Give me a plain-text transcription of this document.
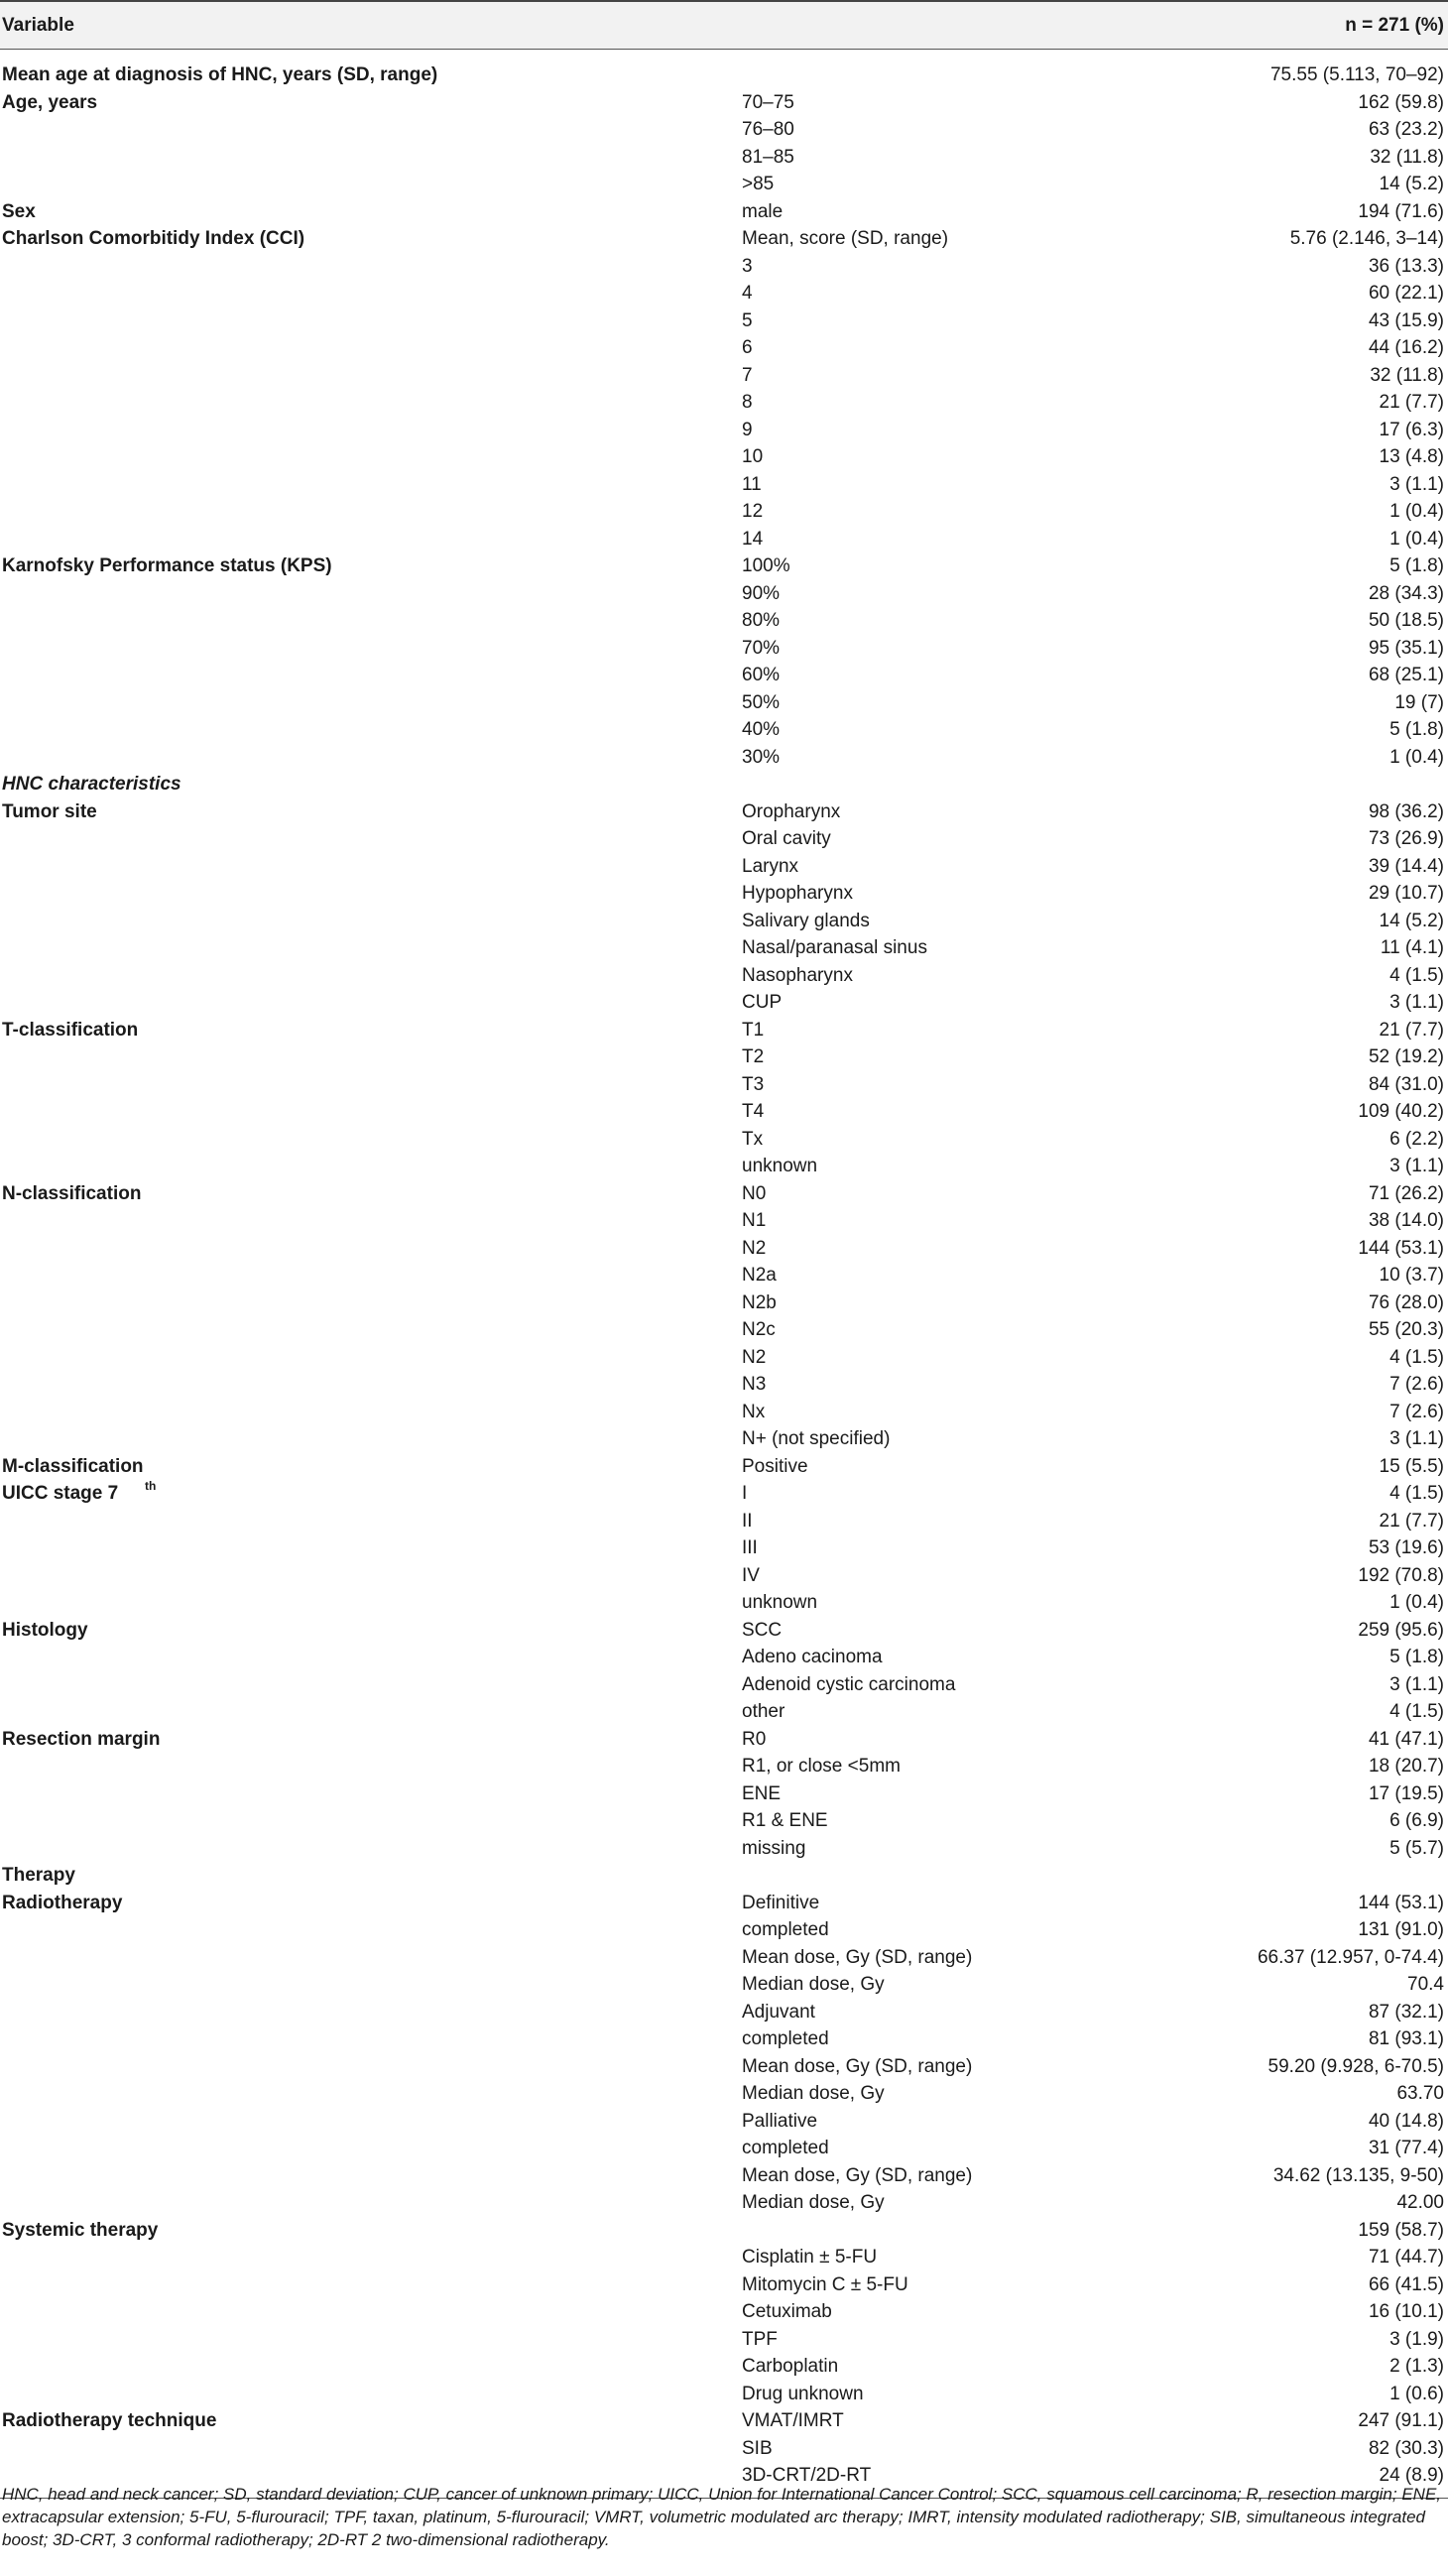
Variable	n = 271 (%)
Mean age at diagnosis of HNC, years (SD, range)	75.55 (5.113, 70–92)
Age, years	70–75	162 (59.8)
76–80	63 (23.2)
81–85	32 (11.8)
>85	14 (5.2)
Sex	male	194 (71.6)
Charlson Comorbitidy Index (CCI)	Mean, score (SD, range)	5.76 (2.146, 3–14)
3	36 (13.3)
4	60 (22.1)
5	43 (15.9)
6	44 (16.2)
7	32 (11.8)
8	21 (7.7)
9	17 (6.3)
10	13 (4.8)
11	3 (1.1)
12	1 (0.4)
14	1 (0.4)
Karnofsky Performance status (KPS)	100%	5 (1.8)
90%	28 (34.3)
80%	50 (18.5)
70%	95 (35.1)
60%	68 (25.1)
50%	19 (7)
40%	5 (1.8)
30%	1 (0.4)
HNC characteristics
Tumor site	Oropharynx	98 (36.2)
Oral cavity	73 (26.9)
Larynx	39 (14.4)
Hypopharynx	29 (10.7)
Salivary glands	14 (5.2)
Nasal/paranasal sinus	11 (4.1)
Nasopharynx	4 (1.5)
CUP	3 (1.1)
T-classification	T1	21 (7.7)
T2	52 (19.2)
T3	84 (31.0)
T4	109 (40.2)
Tx	6 (2.2)
unknown	3 (1.1)
N-classification	N0	71 (26.2)
N1	38 (14.0)
N2	144 (53.1)
N2a	10 (3.7)
N2b	76 (28.0)
N2c	55 (20.3)
N2	4 (1.5)
N3	7 (2.6)
Nx	7 (2.6)
N+ (not specified)	3 (1.1)
M-classification	Positive	15 (5.5)
UICC stage 7 th	I	4 (1.5)
II	21 (7.7)
III	53 (19.6)
IV	192 (70.8)
unknown	1 (0.4)
Histology	SCC	259 (95.6)
Adeno cacinoma	5 (1.8)
Adenoid cystic carcinoma	3 (1.1)
other	4 (1.5)
Resection margin	R0	41 (47.1)
R1, or close <5mm	18 (20.7)
ENE	17 (19.5)
R1 & ENE	6 (6.9)
missing	5 (5.7)
Therapy
Radiotherapy	Definitive	144 (53.1)
completed	131 (91.0)
Mean dose, Gy (SD, range)	66.37 (12.957, 0-74.4)
Median dose, Gy	70.4
Adjuvant	87 (32.1)
completed	81 (93.1)
Mean dose, Gy (SD, range)	59.20 (9.928, 6-70.5)
Median dose, Gy	63.70
Palliative	40 (14.8)
completed	31 (77.4)
Mean dose, Gy (SD, range)	34.62 (13.135, 9-50)
Median dose, Gy	42.00
Systemic therapy	159 (58.7)
Cisplatin ± 5-FU	71 (44.7)
Mitomycin C ± 5-FU	66 (41.5)
Cetuximab	16 (10.1)
TPF	3 (1.9)
Carboplatin	2 (1.3)
Drug unknown	1 (0.6)
Radiotherapy technique	VMAT/IMRT	247 (91.1)
SIB	82 (30.3)
3D-CRT/2D-RT	24 (8.9)
HNC, head and neck cancer; SD, standard deviation; CUP, cancer of unknown primary; UICC, Union for International Cancer Control; SCC, squamous cell carcinoma; R, resection margin; ENE, extracapsular extension; 5-FU, 5-flurouracil; TPF, taxan, platinum, 5-flurouracil; VMRT, volumetric modulated arc therapy; IMRT, intensity modulated radiotherapy; SIB, simultaneous integrated boost; 3D-CRT, 3 conformal radiotherapy; 2D-RT 2 two-dimensional radiotherapy.
